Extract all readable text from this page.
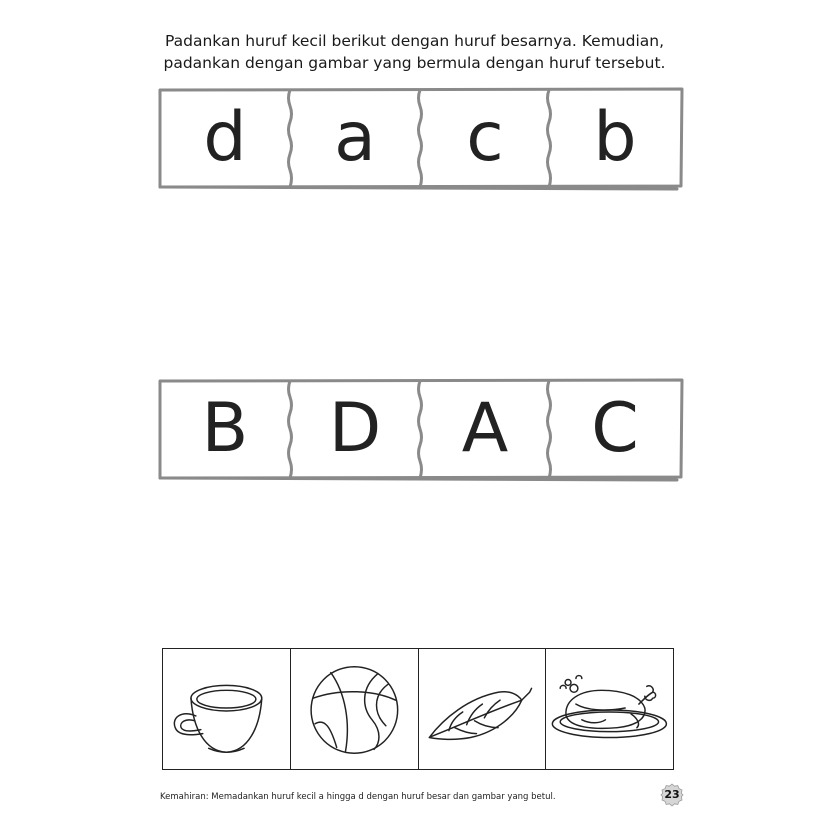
Padankan huruf kecil berikut dengan huruf besarnya. Kemudian,
padankan dengan gambar yang bermula dengan huruf tersebut.
d a c b
B D A C
Kemahiran: Memadankan huruf kecil a hingga d dengan huruf besar dan gambar yang betul.	23
